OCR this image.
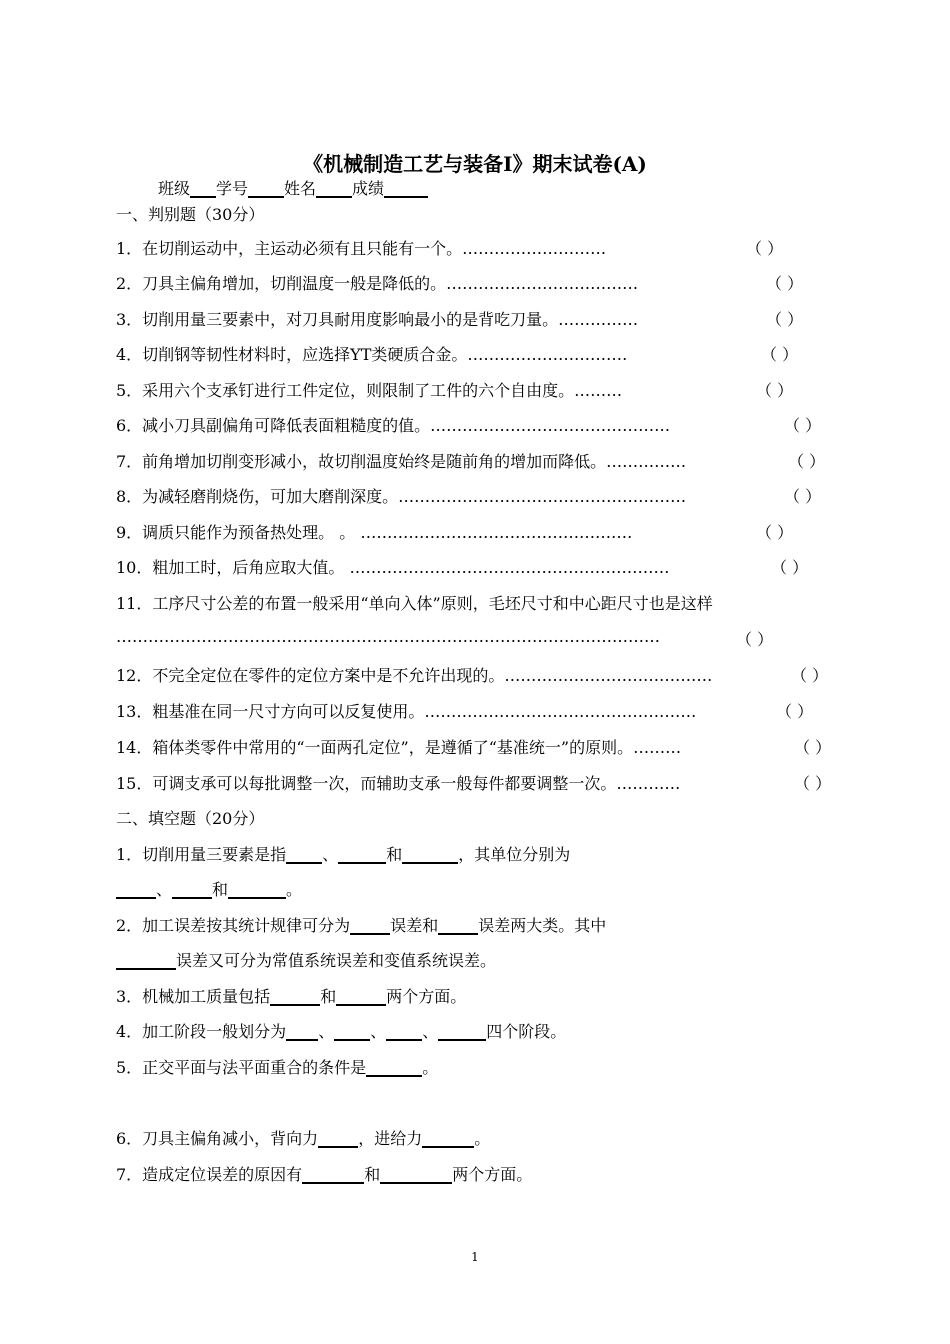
《机械制造工艺与装备Ⅰ》期末试卷(A)
班级 学号 姓名 成绩
一、判别题（30分）
1．在切削运动中，主运动必须有且只能有一个。………………………	（ ）
2．刀具主偏角增加，切削温度一般是降低的。………………………………	（ ）
3．切削用量三要素中，对刀具耐用度影响最小的是背吃刀量。……………	（ ）
4．切削钢等韧性材料时，应选择YT类硬质合金。…………………………	（ ）
5．采用六个支承钉进行工件定位，则限制了工件的六个自由度。………	（ ）
6．减小刀具副偏角可降低表面粗糙度的值。………………………………………	（ ）
7．前角增加切削变形减小，故切削温度始终是随前角的增加而降低。……………	（ ）
8．为减轻磨削烧伤，可加大磨削深度。………………………………………………	（ ）
9．调质只能作为预备热处理。 。 ……………………………………………	（ ）
10．粗加工时，后角应取大值。 ……………………………………………………	（ ）
11．工序尺寸公差的布置一般采用“单向入体”原则，毛坯尺寸和中心距尺寸也是这样
…………………………………………………………………………………………	（ ）
12．不完全定位在零件的定位方案中是不允许出现的。…………………………………	（ ）
13．粗基准在同一尺寸方向可以反复使用。……………………………………………	（ ）
14．箱体类零件中常用的“一面两孔定位”，是遵循了“基准统一”的原则。………	（ ）
15．可调支承可以每批调整一次，而辅助支承一般每件都要调整一次。…………	（ ）
二、填空题（20分）
1．切削用量三要素是指 、	和	，其单位分别为
、	和	。
2．加工误差按其统计规律可分为	误差和	误差两大类。其中
误差又可分为常值系统误差和变值系统误差。
3．机械加工质量包括	和	两个方面。
4．加工阶段一般划分为 、 、 、	四个阶段。
5．正交平面与法平面重合的条件是	。
6．刀具主偏角减小，背向力	，进给力	。
7．造成定位误差的原因有	和	两个方面。
1
